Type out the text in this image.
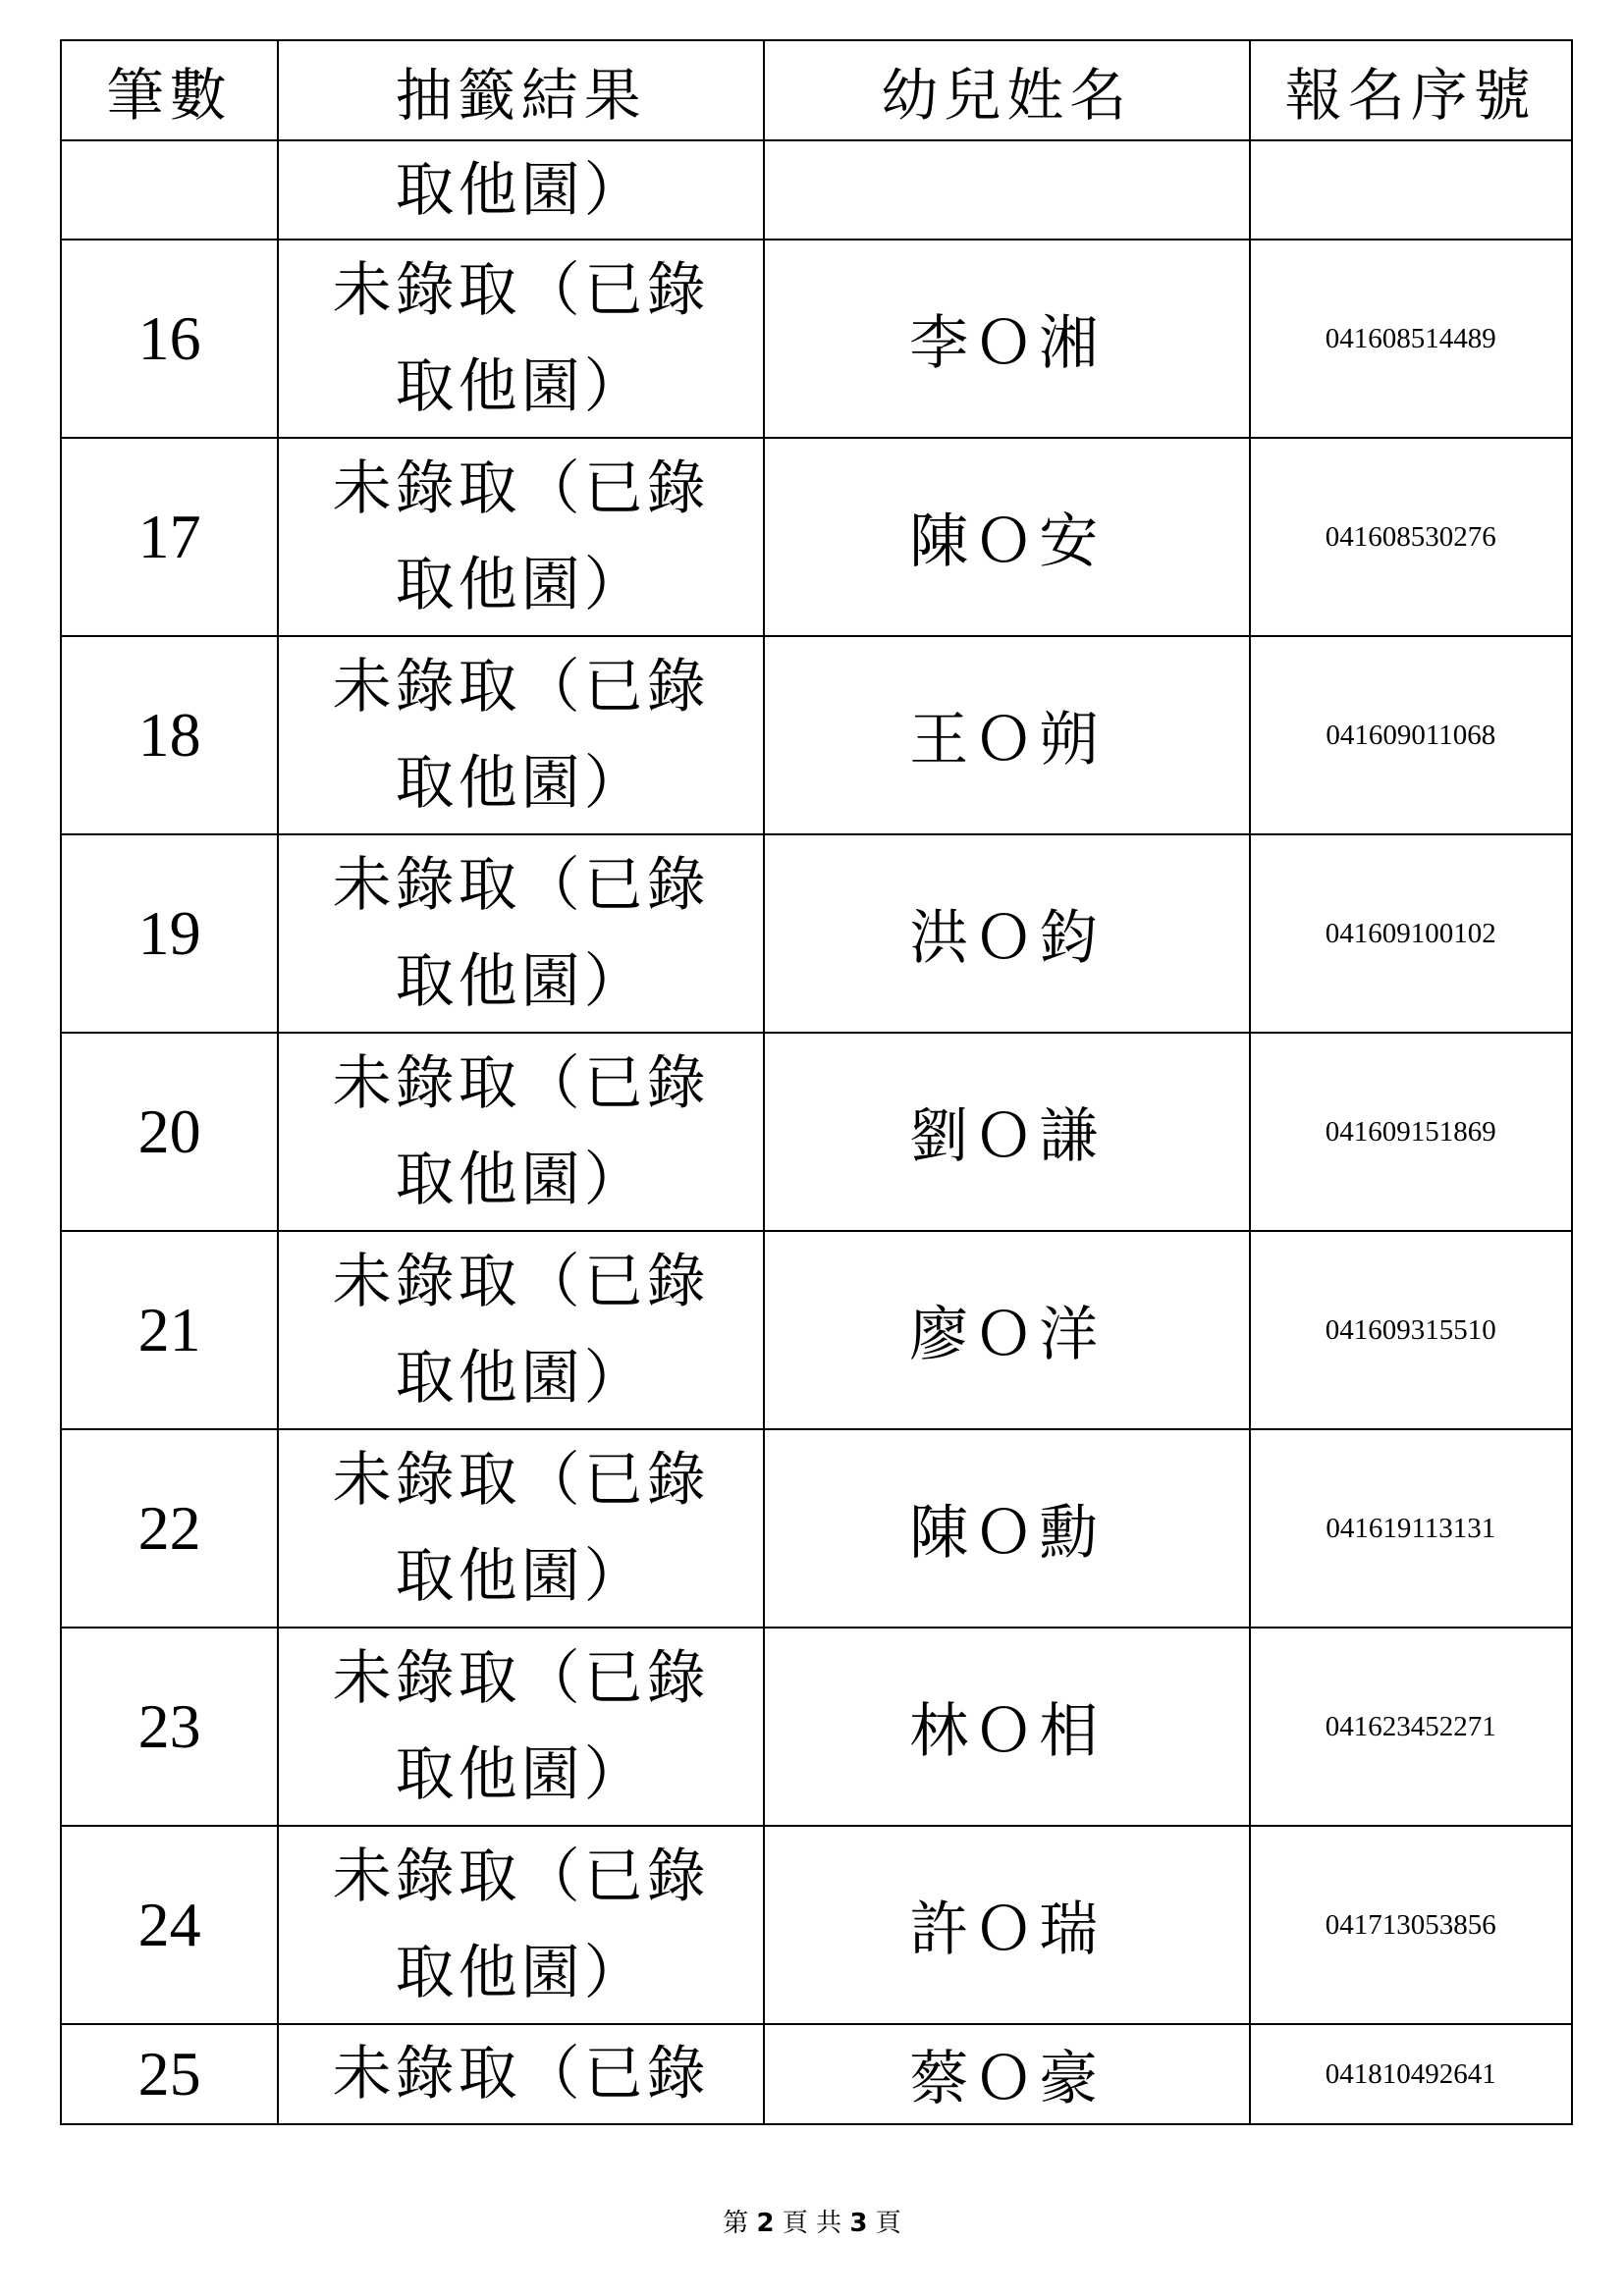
筆數	抽籤結果	幼兒姓名	報名序號

	取他園）		

16	未錄取（已錄
取他園）	李Ｏ湘	041608514489
17	未錄取（已錄
取他園）	陳Ｏ安	041608530276
18	未錄取（已錄
取他園）	王Ｏ朔	041609011068
19	未錄取（已錄
取他園）	洪Ｏ鈞	041609100102
20	未錄取（已錄
取他園）	劉Ｏ謙	041609151869
21	未錄取（已錄
取他園）	廖Ｏ洋	041609315510
22	未錄取（已錄
取他園）	陳Ｏ勳	041619113131
23	未錄取（已錄
取他園）	林Ｏ相	041623452271
24	未錄取（已錄
取他園）	許Ｏ瑞	041713053856
25	未錄取（已錄	蔡Ｏ豪	041810492641
第 2 頁 共 3 頁
